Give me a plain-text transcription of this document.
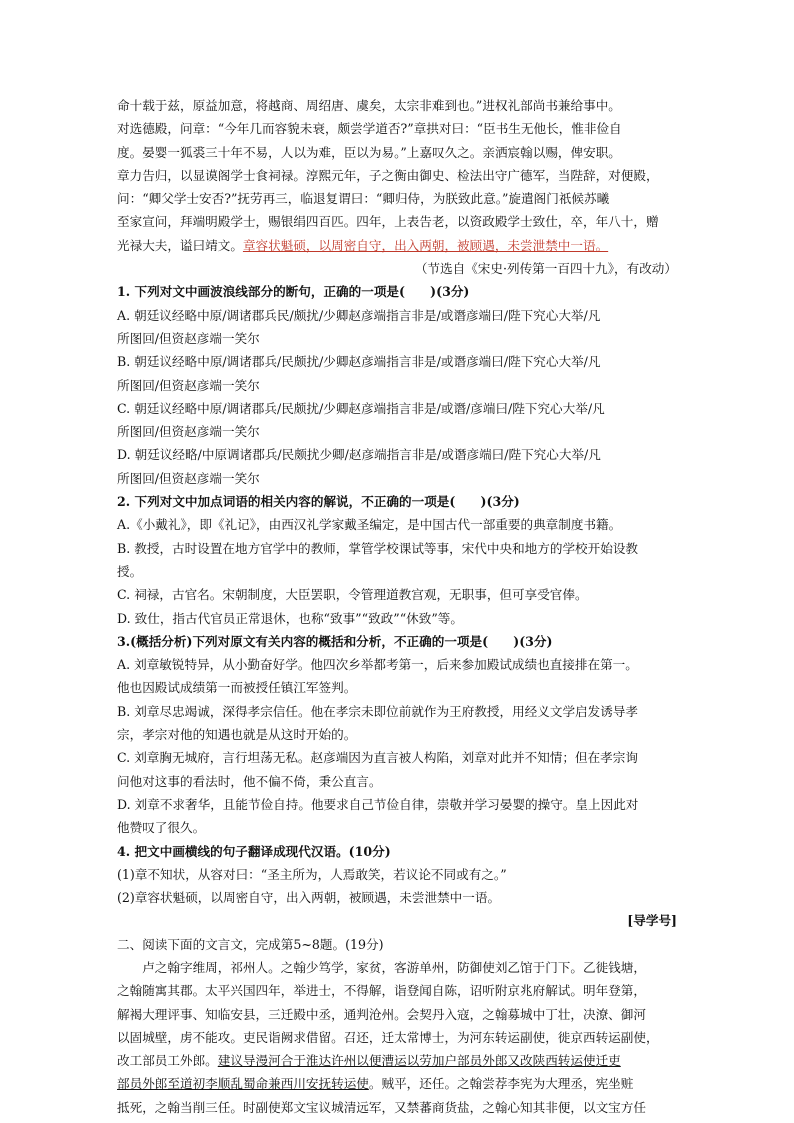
命十载于兹，原益加意，将越商、周绍唐、虞矣，太宗非难到也。”进权礼部尚书兼给事中。

对选德殿，问章：“今年几而容貌未衰，颇尝学道否?”章拱对曰：“臣书生无他长，惟非俭自

度。晏婴一狐裘三十年不易，人以为难，臣以为易。”上嘉叹久之。亲洒宸翰以赐，俾安职。

章力告归，以显谟阁学士食祠禄。淳熙元年，子之衡由御史、检法出守广德军，当陛辞，对便殿，

问：“卿父学士安否?”抚劳再三，临退复谓曰：“卿归侍，为朕致此意。”旋遣阁门祇候苏曦

至家宣问，拜端明殿学士，赐银绢四百匹。四年，上表告老，以资政殿学士致仕，卒，年八十，赠

光禄大夫，谥曰靖文。章容状魁硕，以周密自守，出入两朝，被顾遇，未尝泄禁中一语。

（节选自《宋史·列传第一百四十九》，有改动）

1. 下列对文中画波浪线部分的断句，正确的一项是(　　)(3分)

A. 朝廷议经略中原/调诸郡兵民/颇扰/少卿赵彦端指言非是/或谮彦端曰/陛下究心大举/凡

所图回/但资赵彦端一笑尔

B. 朝廷议经略中原/调诸郡兵/民颇扰/少卿赵彦端指言非是/或谮彦端曰/陛下究心大举/凡

所图回/但资赵彦端一笑尔

C. 朝廷议经略中原/调诸郡兵/民颇扰/少卿赵彦端指言非是/或谮/彦端曰/陛下究心大举/凡

所图回/但资赵彦端一笑尔

D. 朝廷议经略/中原调诸郡兵/民颇扰少卿/赵彦端指言非是/或谮彦端曰/陛下究心大举/凡

所图回/但资赵彦端一笑尔

2. 下列对文中加点词语的相关内容的解说，不正确的一项是(　　)(3分)

A.《小戴礼》，即《礼记》，由西汉礼学家戴圣编定，是中国古代一部重要的典章制度书籍。

B. 教授，古时设置在地方官学中的教师，掌管学校课试等事，宋代中央和地方的学校开始设教

授。

C. 祠禄，古官名。宋朝制度，大臣罢职，令管理道教宫观，无职事，但可享受官俸。

D. 致仕，指古代官员正常退休，也称“致事”“致政”“休致”等。

3.(概括分析)下列对原文有关内容的概括和分析，不正确的一项是(　　)(3分)

A. 刘章敏锐特异，从小勤奋好学。他四次乡举都考第一，后来参加殿试成绩也直接排在第一。

他也因殿试成绩第一而被授任镇江军签判。

B. 刘章尽忠竭诚，深得孝宗信任。他在孝宗未即位前就作为王府教授，用经义文学启发诱导孝

宗，孝宗对他的知遇也就是从这时开始的。

C. 刘章胸无城府，言行坦荡无私。赵彦端因为直言被人构陷，刘章对此并不知情；但在孝宗询

问他对这事的看法时，他不偏不倚，秉公直言。

D. 刘章不求奢华，且能节俭自持。他要求自己节俭自律，崇敬并学习晏婴的操守。皇上因此对

他赞叹了很久。

4. 把文中画横线的句子翻译成现代汉语。(10分)

(1)章不知状，从容对曰：“圣主所为，人焉敢笑，若议论不同或有之。”

(2)章容状魁硕，以周密自守，出入两朝，被顾遇，未尝泄禁中一语。

[导学号]

二、阅读下面的文言文，完成第5~8题。(19分)

卢之翰字维周，祁州人。之翰少笃学，家贫，客游单州，防御使刘乙馆于门下。乙徙钱塘，

之翰随寓其郡。太平兴国四年，举进士，不得解，诣登闻自陈，诏听附京兆府解试。明年登第，

解褐大理评事、知临安县，三迁殿中丞，通判沧州。会契丹入寇，之翰募城中丁壮，决潦、御河

以固城壁，虏不能攻。吏民诣阙求借留。召还，迁太常博士，为河东转运副使，徙京西转运副使，

改工部员工外郎。建议导漫河合于淮达许州以便漕运以劳加户部员外郎又改陕西转运使迁吏

部员外郎至道初李顺乱蜀命兼西川安抚转运使。贼平，还任。之翰尝荐李宪为大理丞，宪坐赃

抵死，之翰当削三任。时副使郑文宝议城清远军，又禁蕃商货盐，之翰心知其非便，以文宝方任
